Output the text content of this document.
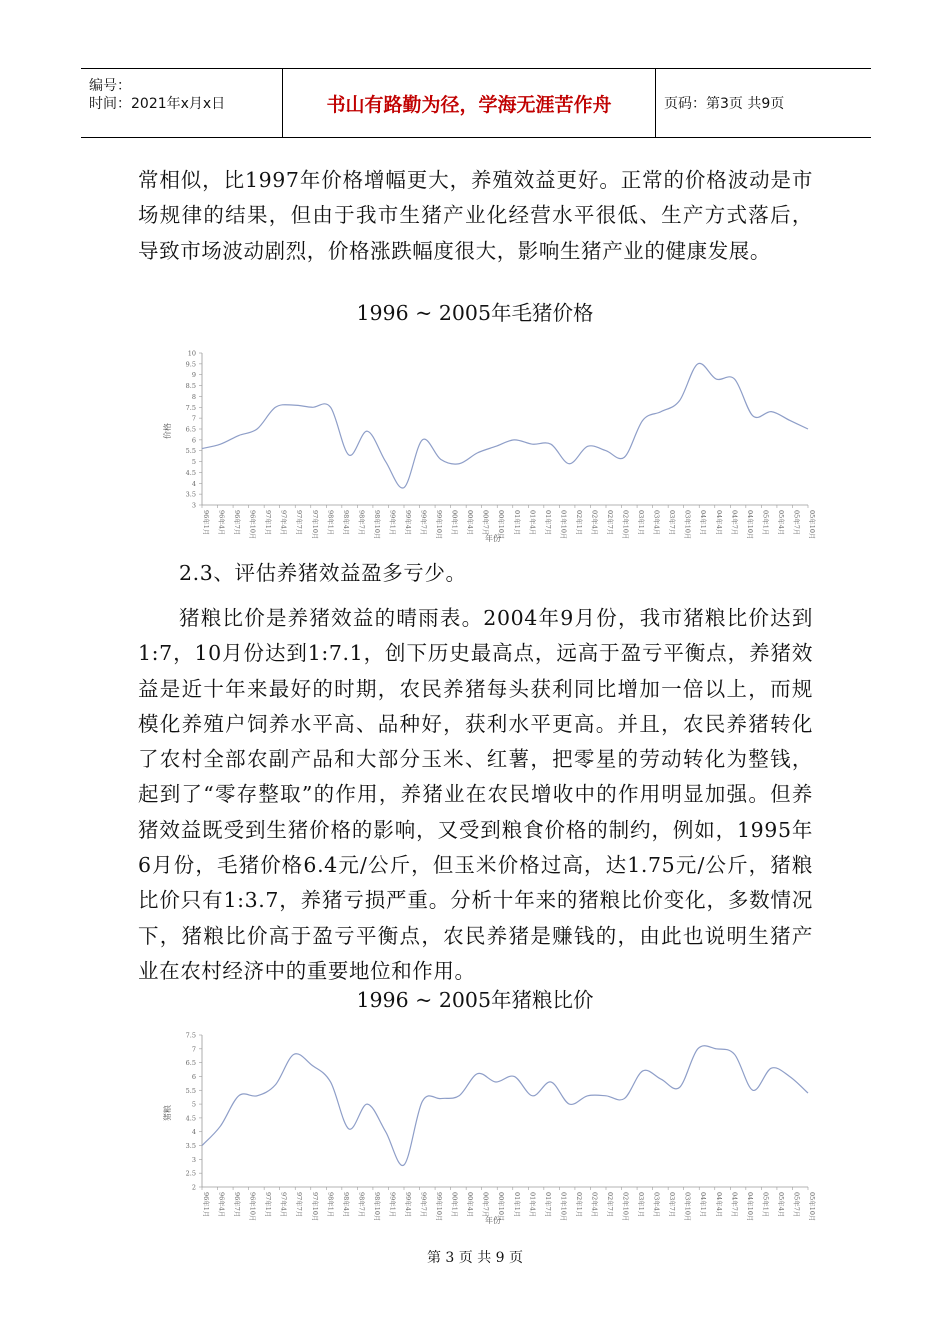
编号：
时间：2021年x月x日	书山有路勤为径，学海无涯苦作舟	页码：第3页 共9页

常相似，比1997年价格增幅更大，养殖效益更好。正常的价格波动是市场规律的结果，但由于我市生猪产业化经营水平很低、生产方式落后，导致市场波动剧烈，价格涨跌幅度很大，影响生猪产业的健康发展。

1996 ~ 2005年毛猪价格

3
3.5
4
4.5
5
5.5
6
6.5
7
7.5
8
8.5
9
9.5
10
96年1月 96年4月 96年7月 96年10月 97年1月 97年4月 97年7月 97年10月 98年1月 98年4月 98年7月 98年10月 99年1月 99年4月 99年7月 99年10月 00年1月 00年4月 00年7月 00年10月 01年1月 01年4月 01年7月 01年10月 02年1月 02年4月 02年7月 02年10月 03年1月 03年4月 03年7月 03年10月 04年1月 04年4月 04年7月 04年10月 05年1月 05年4月 05年7月 05年10月
价格
年份

2.3、评估养猪效益盈多亏少。

猪粮比价是养猪效益的晴雨表。2004年9月份，我市猪粮比价达到1:7，10月份达到1:7.1，创下历史最高点，远高于盈亏平衡点，养猪效益是近十年来最好的时期，农民养猪每头获利同比增加一倍以上，而规模化养殖户饲养水平高、品种好，获利水平更高。并且，农民养猪转化了农村全部农副产品和大部分玉米、红薯，把零星的劳动转化为整钱，起到了“零存整取”的作用，养猪业在农民增收中的作用明显加强。但养猪效益既受到生猪价格的影响，又受到粮食价格的制约，例如，1995年6月份，毛猪价格6.4元/公斤，但玉米价格过高，达1.75元/公斤，猪粮比价只有1:3.7，养猪亏损严重。分析十年来的猪粮比价变化，多数情况下，猪粮比价高于盈亏平衡点，农民养猪是赚钱的，由此也说明生猪产业在农村经济中的重要地位和作用。

1996 ~ 2005年猪粮比价

2
2.5
3
3.5
4
4.5
5
5.5
6
6.5
7
7.5
96年1月 96年4月 96年7月 96年10月 97年1月 97年4月 97年7月 97年10月 98年1月 98年4月 98年7月 98年10月 99年1月 99年4月 99年7月 99年10月 00年1月 00年4月 00年7月 00年10月 01年1月 01年4月 01年7月 01年10月 02年1月 02年4月 02年7月 02年10月 03年1月 03年4月 03年7月 03年10月 04年1月 04年4月 04年7月 04年10月 05年1月 05年4月 05年7月 05年10月
猪粮
年份
第 3 页 共 9 页
